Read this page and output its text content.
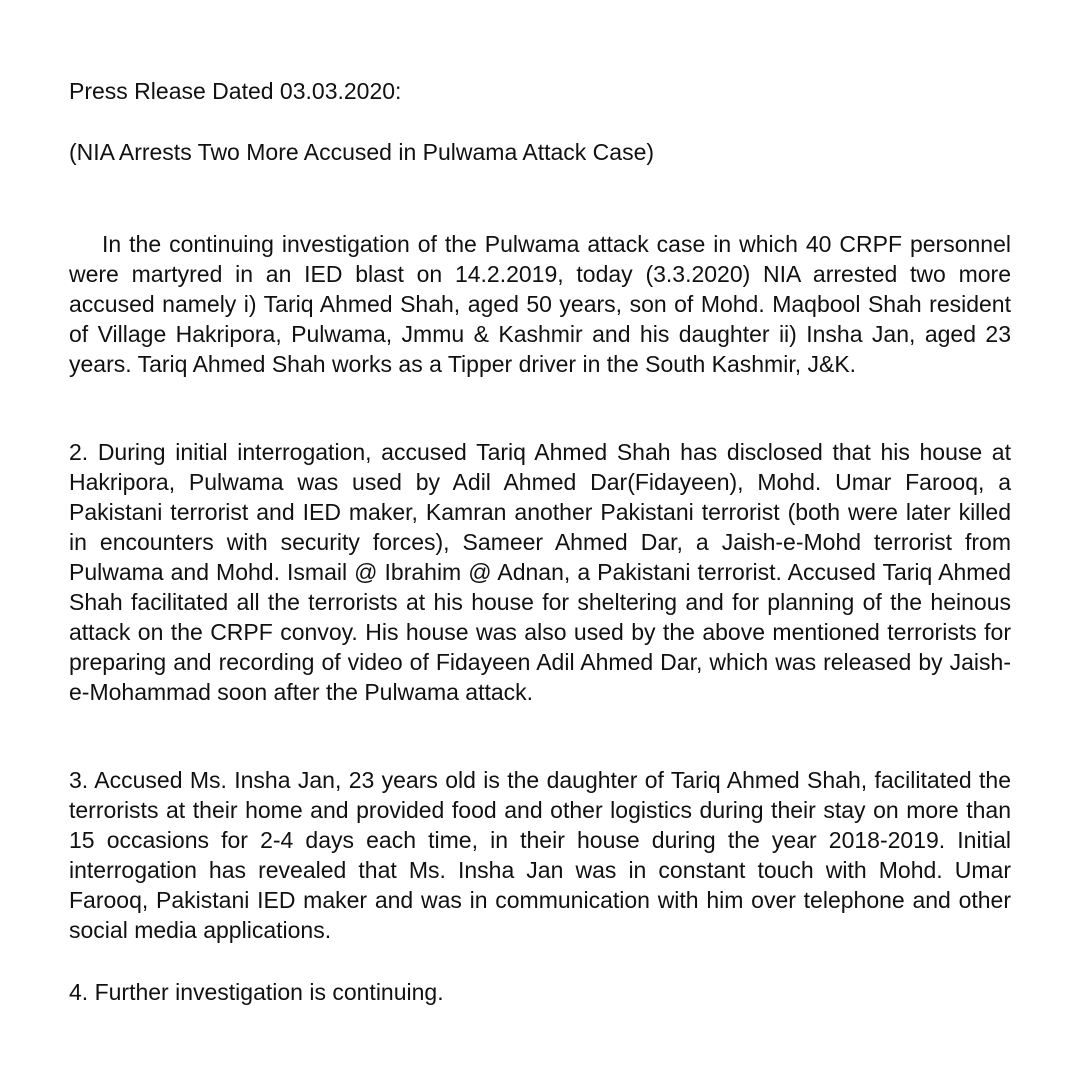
Press Rlease Dated 03.03.2020:

(NIA Arrests Two More Accused in Pulwama Attack Case)

In the continuing investigation of the Pulwama attack case in which 40 CRPF personnel were martyred in an IED blast on 14.2.2019, today (3.3.2020) NIA arrested two more accused namely i) Tariq Ahmed Shah, aged 50 years, son of Mohd. Maqbool Shah resident of Village Hakripora, Pulwama, Jmmu & Kashmir and his daughter ii) Insha Jan, aged 23 years. Tariq Ahmed Shah works as a Tipper driver in the South Kashmir, J&K.

2. During initial interrogation, accused Tariq Ahmed Shah has disclosed that his house at Hakripora, Pulwama was used by Adil Ahmed Dar(Fidayeen), Mohd. Umar Farooq, a Pakistani terrorist and IED maker, Kamran another Pakistani terrorist (both were later killed in encounters with security forces), Sameer Ahmed Dar, a Jaish-e-Mohd terrorist from Pulwama and Mohd. Ismail @ Ibrahim @ Adnan, a Pakistani terrorist. Accused Tariq Ahmed Shah facilitated all the terrorists at his house for sheltering and for planning of the heinous attack on the CRPF convoy. His house was also used by the above mentioned terrorists for preparing and recording of video of Fidayeen Adil Ahmed Dar, which was released by Jaish-e-Mohammad soon after the Pulwama attack.

3. Accused Ms. Insha Jan, 23 years old is the daughter of Tariq Ahmed Shah, facilitated the terrorists at their home and provided food and other logistics during their stay on more than 15 occasions for 2-4 days each time, in their house during the year 2018-2019. Initial interrogation has revealed that Ms. Insha Jan was in constant touch with Mohd. Umar Farooq, Pakistani IED maker and was in communication with him over telephone and other social media applications.

4. Further investigation is continuing.
